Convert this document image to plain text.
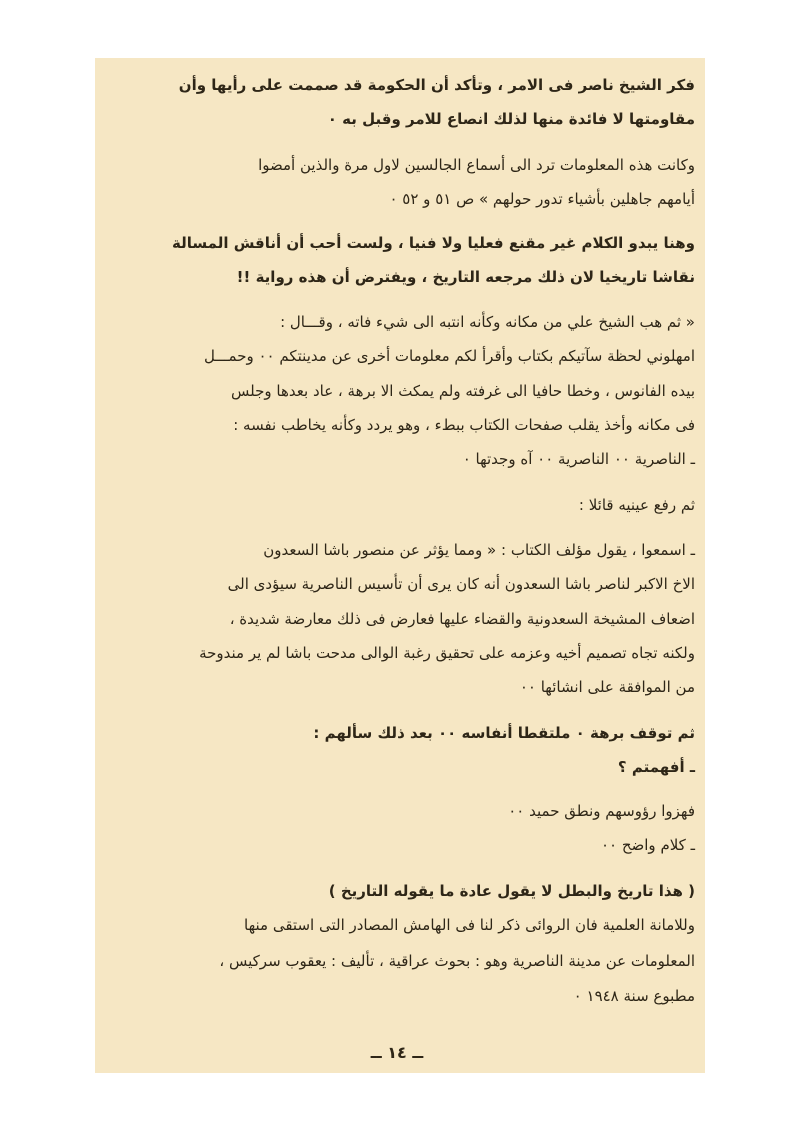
فكر الشيخ ناصر فى الامر ، وتأكد أن الحكومة قد صممت على رأيها وأن
مقاومتها لا فائدة منها لذلك انصاع للامر وقبل به ٠
وكانت هذه المعلومات ترد الى أسماع الجالسين لاول مرة والذين أمضوا
أيامهم جاهلين بأشياء تدور حولهم » ص ٥١ و ٥٢ ٠
وهنا يبدو الكلام غير مقنع فعليا ولا فنيا ، ولست أحب أن أناقش المسالة
نقاشا تاريخيا لان ذلك مرجعه التاريخ ، ويفترض أن هذه رواية !!
« ثم هب الشيخ علي من مكانه وكأنه انتبه الى شيء فاته ، وقـــال :
امهلوني لحظة سآتيكم بكتاب وأقرأ لكم معلومات أخرى عن مدينتكم ٠٠ وحمـــل
بيده الفانوس ، وخطا حافيا الى غرفته ولم يمكث الا برهة ، عاد بعدها وجلس
فى مكانه وأخذ يقلب صفحات الكتاب ببطء ، وهو يردد وكأنه يخاطب نفسه :
ـ الناصرية ٠٠ الناصرية ٠٠ آه وجدتها ٠
ثم رفع عينيه قائلا :
ـ اسمعوا ، يقول مؤلف الكتاب : « ومما يؤثر عن منصور باشا السعدون
الاخ الاكبر لناصر باشا السعدون أنه كان يرى أن تأسيس الناصرية سيؤدى الى
اضعاف المشيخة السعدونية والقضاء عليها فعارض فى ذلك معارضة شديدة ،
ولكنه تجاه تصميم أخيه وعزمه على تحقيق رغبة الوالى مدحت باشا لم ير مندوحة
من الموافقة على انشائها ٠٠
ثم توقف برهة ٠ ملتقطا أنفاسه ٠٠ بعد ذلك سألهم :
ـ أفهمتم ؟
فهزوا رؤوسهم ونطق حميد ٠٠
ـ كلام واضح ٠٠
( هذا تاريخ والبطل لا يقول عادة ما يقوله التاريخ )
وللامانة العلمية فان الروائى ذكر لنا فى الهامش المصادر التى استقى منها
المعلومات عن مدينة الناصرية وهو : بحوث عراقية ، تأليف : يعقوب سركيس ،
مطبوع سنة ١٩٤٨ ٠
ــ ١٤ ــ
